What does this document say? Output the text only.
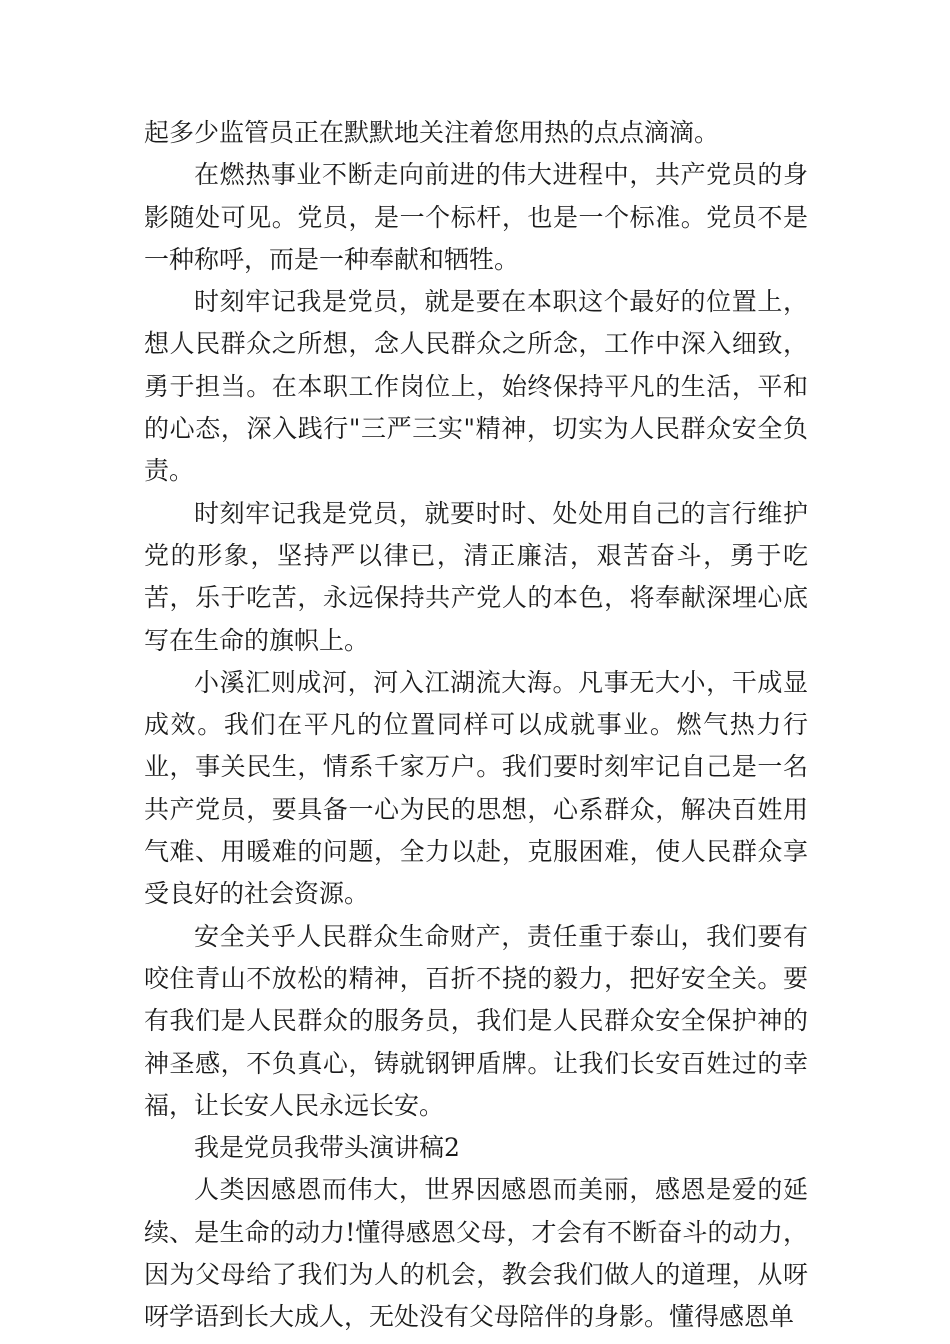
起多少监管员正在默默地关注着您用热的点点滴滴。

在燃热事业不断走向前进的伟大进程中，共产党员的身影随处可见。党员，是一个标杆，也是一个标准。党员不是一种称呼，而是一种奉献和牺牲。

时刻牢记我是党员，就是要在本职这个最好的位置上，想人民群众之所想，念人民群众之所念，工作中深入细致，勇于担当。在本职工作岗位上，始终保持平凡的生活，平和的心态，深入践行"三严三实"精神，切实为人民群众安全负责。

时刻牢记我是党员，就要时时、处处用自己的言行维护党的形象，坚持严以律已，清正廉洁，艰苦奋斗，勇于吃苦，乐于吃苦，永远保持共产党人的本色，将奉献深埋心底写在生命的旗帜上。

小溪汇则成河，河入江湖流大海。凡事无大小，干成显成效。我们在平凡的位置同样可以成就事业。燃气热力行业，事关民生，情系千家万户。我们要时刻牢记自己是一名共产党员，要具备一心为民的思想，心系群众，解决百姓用气难、用暖难的问题，全力以赴，克服困难，使人民群众享受良好的社会资源。

安全关乎人民群众生命财产，责任重于泰山，我们要有咬住青山不放松的精神，百折不挠的毅力，把好安全关。要有我们是人民群众的服务员，我们是人民群众安全保护神的神圣感，不负真心，铸就钢钾盾牌。让我们长安百姓过的幸福，让长安人民永远长安。

我是党员我带头演讲稿2

人类因感恩而伟大，世界因感恩而美丽，感恩是爱的延续、是生命的动力!懂得感恩父母，才会有不断奋斗的动力，因为父母给了我们为人的机会，教会我们做人的道理，从呀呀学语到长大成人，无处没有父母陪伴的身影。懂得感恩单
